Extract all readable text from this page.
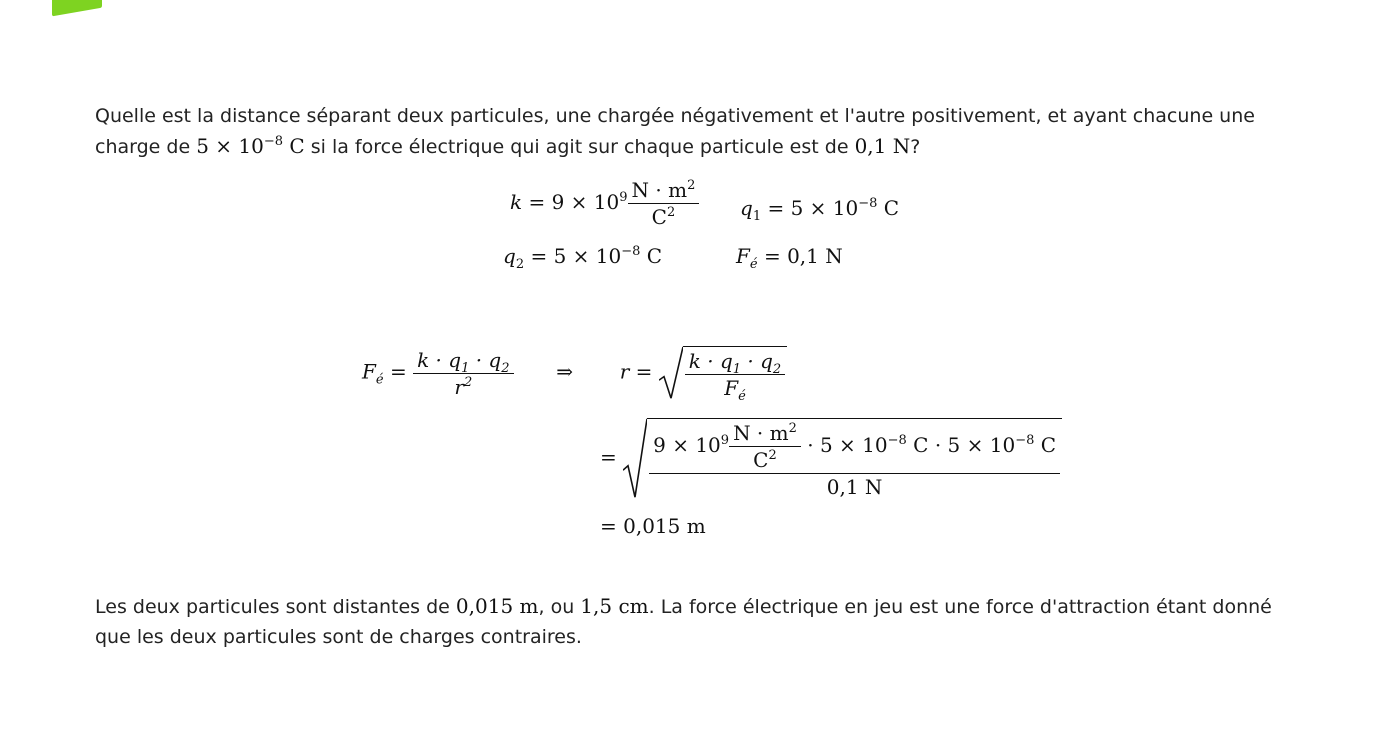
Quelle est la distance séparant deux particules, une chargée négativement et l'autre positivement, et ayant chacune une charge de $5 \times 10^{-8}$ C si la force électrique qui agit sur chaque particule est de 0,1 N?
$k = 9 \times 10^9 \frac{N \cdot m^2}{C^2} q_1 = 5 \times 10^{-8}$ C
$q_2 = 5 \times 10^{-8}$ C	$F_é = 0,1$ N
$F_é = \frac{k \cdot q_1 \cdot q_2}{r^2}$ ⇒ $r = \frac{k \cdot q_1 \cdot q_2}{F_é}$
= $\frac{9 \times 10^9 \frac{N \cdot m^2}{C^2} \cdot 5 \times 10^{-8} C \cdot 5 \times 10^{-8} C}{0,1 N}$
= 0,015 m
Les deux particules sont distantes de 0,015 m, ou 1,5 cm. La force électrique en jeu est une force d'attraction étant donné que les deux particules sont de charges contraires.
